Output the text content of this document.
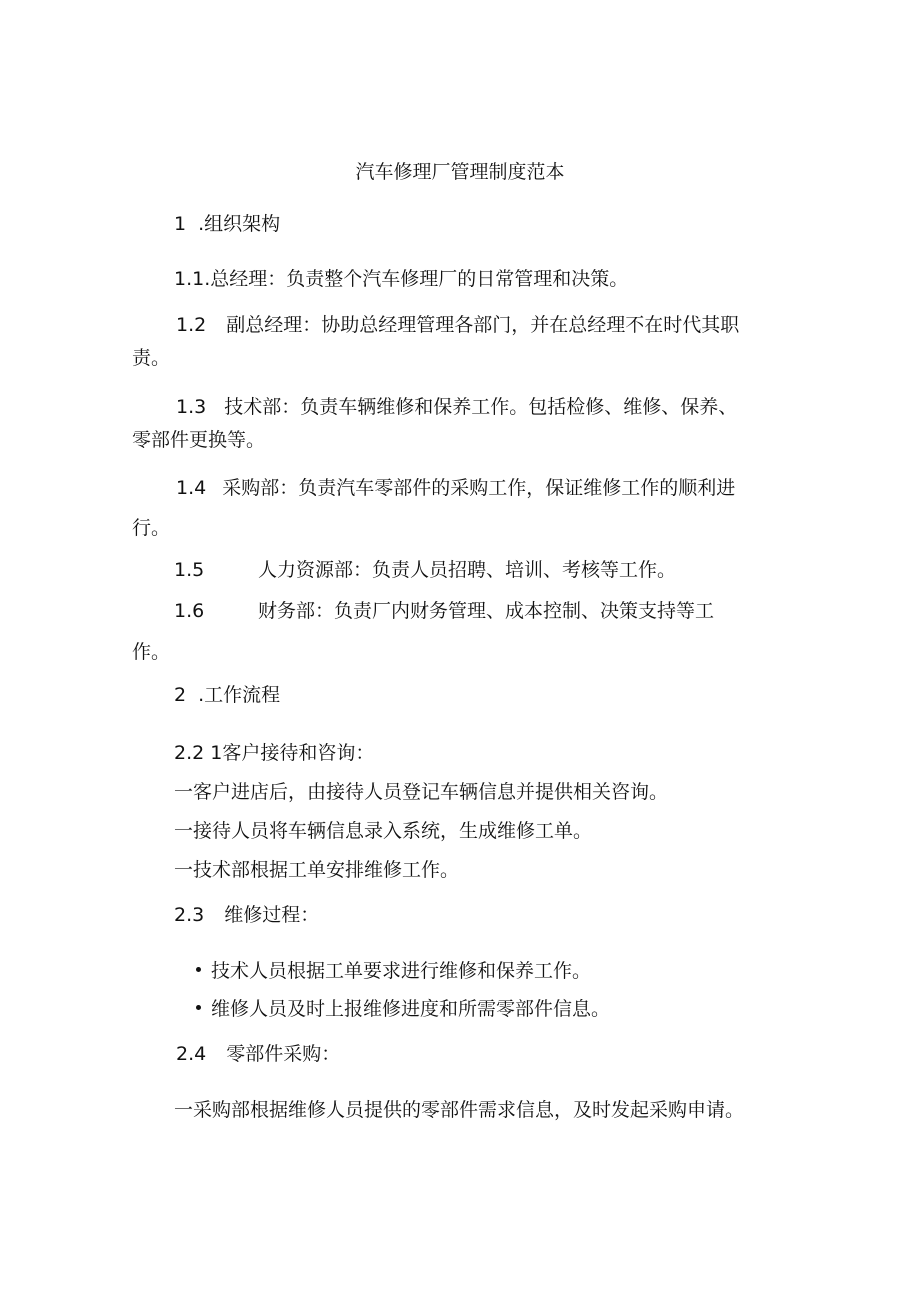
汽车修理厂管理制度范本
1 .组织架构
1.1.总经理：负责整个汽车修理厂的日常管理和决策。
1.2 副总经理：协助总经理管理各部门，并在总经理不在时代其职
责。
1.3 技术部：负责车辆维修和保养工作。包括检修、维修、保养、
零部件更换等。
1.4 采购部：负责汽车零部件的采购工作，保证维修工作的顺利进
行。
1.5	人力资源部：负责人员招聘、培训、考核等工作。
1.6	财务部：负责厂内财务管理、成本控制、决策支持等工
作。
2 .工作流程
2.2 1客户接待和咨询：
一客户进店后，由接待人员登记车辆信息并提供相关咨询。
一接待人员将车辆信息录入系统，生成维修工单。
一技术部根据工单安排维修工作。
2.3 维修过程：
技术人员根据工单要求进行维修和保养工作。
维修人员及时上报维修进度和所需零部件信息。
2.4 零部件采购：
一采购部根据维修人员提供的零部件需求信息，及时发起采购申请。
